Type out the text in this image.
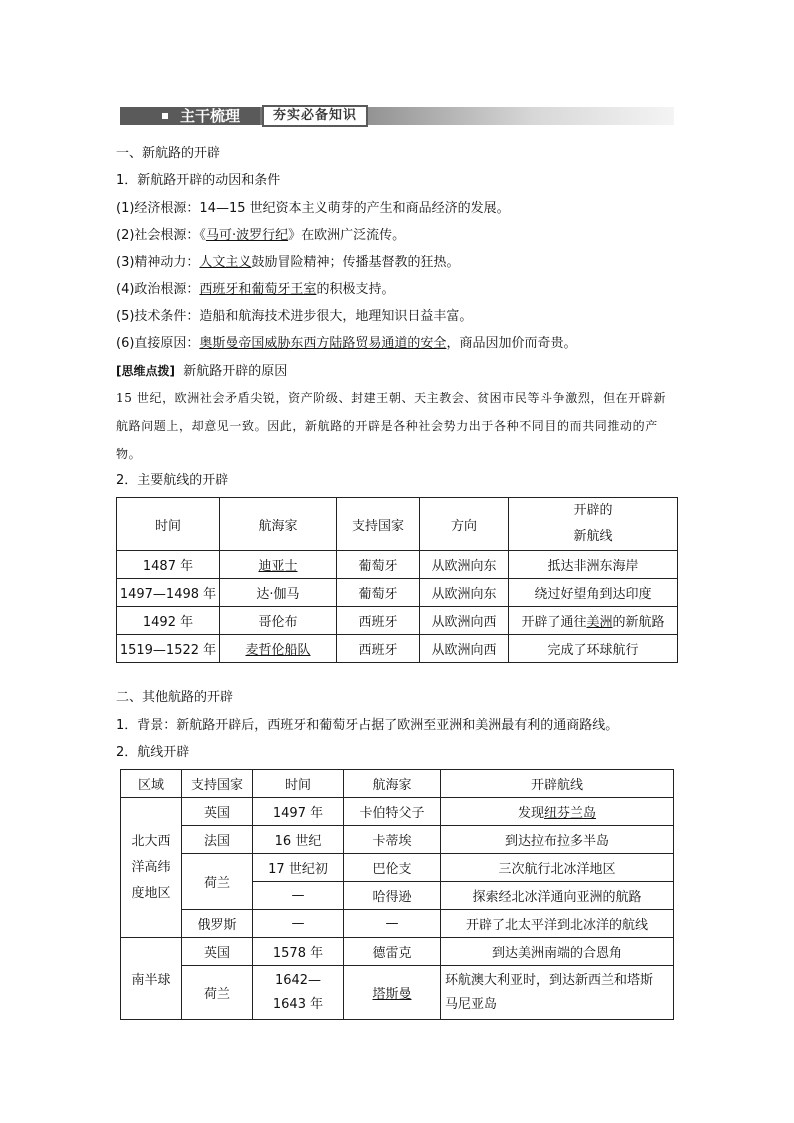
主干梳理	夯实必备知识
一、新航路的开辟
1．新航路开辟的动因和条件
(1)经济根源：14—15 世纪资本主义萌芽的产生和商品经济的发展。
(2)社会根源：《马可·波罗行纪》在欧洲广泛流传。
(3)精神动力：人文主义鼓励冒险精神；传播基督教的狂热。
(4)政治根源：西班牙和葡萄牙王室的积极支持。
(5)技术条件：造船和航海技术进步很大，地理知识日益丰富。
(6)直接原因：奥斯曼帝国威胁东西方陆路贸易通道的安全，商品因加价而奇贵。
[思维点拨] 新航路开辟的原因
15 世纪，欧洲社会矛盾尖锐，资产阶级、封建王朝、天主教会、贫困市民等斗争激烈，但在开辟新航路问题上，却意见一致。因此，新航路的开辟是各种社会势力出于各种不同目的而共同推动的产物。
2．主要航线的开辟
时间	航海家	支持国家	方向	开辟的
新航线
1487 年	迪亚士	葡萄牙	从欧洲向东	抵达非洲东海岸
1497—1498 年	达·伽马	葡萄牙	从欧洲向东	绕过好望角到达印度
1492 年	哥伦布	西班牙	从欧洲向西	开辟了通往美洲的新航路
1519—1522 年	麦哲伦船队	西班牙	从欧洲向西	完成了环球航行
二、其他航路的开辟
1．背景：新航路开辟后，西班牙和葡萄牙占据了欧洲至亚洲和美洲最有利的通商路线。
2．航线开辟
区域	支持国家	时间	航海家	开辟航线
北大西
洋高纬
度地区	英国	1497 年	卡伯特父子	发现纽芬兰岛
	法国	16 世纪	卡蒂埃	到达拉布拉多半岛
	荷兰	17 世纪初	巴伦支	三次航行北冰洋地区
		—	哈得逊	探索经北冰洋通向亚洲的航路
	俄罗斯	—	—	开辟了北太平洋到北冰洋的航线
南半球	英国	1578 年	德雷克	到达美洲南端的合恩角
	荷兰	1642—
1643 年	塔斯曼	环航澳大利亚时，到达新西兰和塔斯
马尼亚岛
